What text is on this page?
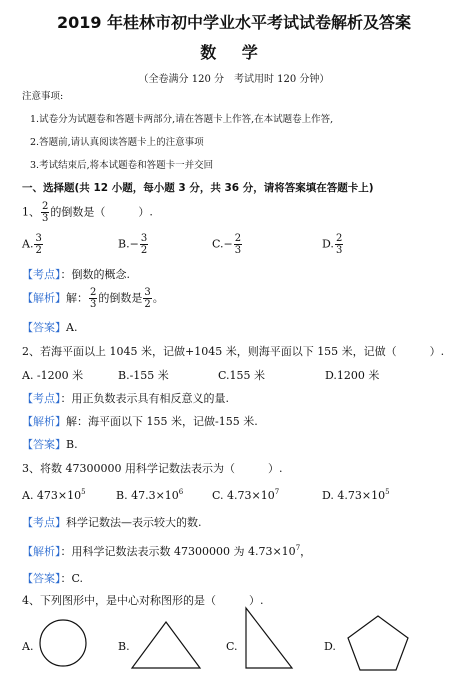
2019 年桂林市初中学业水平考试试卷解析及答案
数 学
（全卷满分 120 分　考试用时 120 分钟）
注意事项:
1.试卷分为试题卷和答题卡两部分,请在答题卡上作答,在本试题卷上作答,
2.答题前,请认真阅读答题卡上的注意事项
3.考试结束后,将本试题卷和答题卡一并交回
一、选择题(共 12 小题，每小题 3 分，共 36 分，请将答案填在答题卡上)
1、 $\frac{2}{3}$ 的倒数是（　　　）.
A. $\frac{3}{2}$	$B.- \frac{3}{2}$	$C.- \frac{2}{3}$	D. $\frac{2}{3}$
【考点】：倒数的概念.
【解析】解： $\frac{2}{3}$ 的倒数是 $\frac{3}{2}$ 。
【答案】A.
2、若海平面以上 1045 米，记做+1045 米，则海平面以下 155 米，记做（　　　）.
A. -1200 米	B.-155 米	C.155 米	D.1200 米
【考点】：用正负数表示具有相反意义的量.
【解析】解：海平面以下 155 米，记做-155 米.
【答案】B.
3、将数 47300000 用科学记数法表示为（　　　）.
A. $473\times 10^5$	B. $47.3\times 10^6$	C. $4.73\times 10^7$	D. $4.73\times 10^5$
【考点】科学记数法—表示较大的数.
【解析】：用科学记数法表示数 47300000 为 $4.73\times 10^7$，
【答案】：C.
4、下列图形中，是中心对称图形的是（　　　）.
A.	B.	C.	D.
